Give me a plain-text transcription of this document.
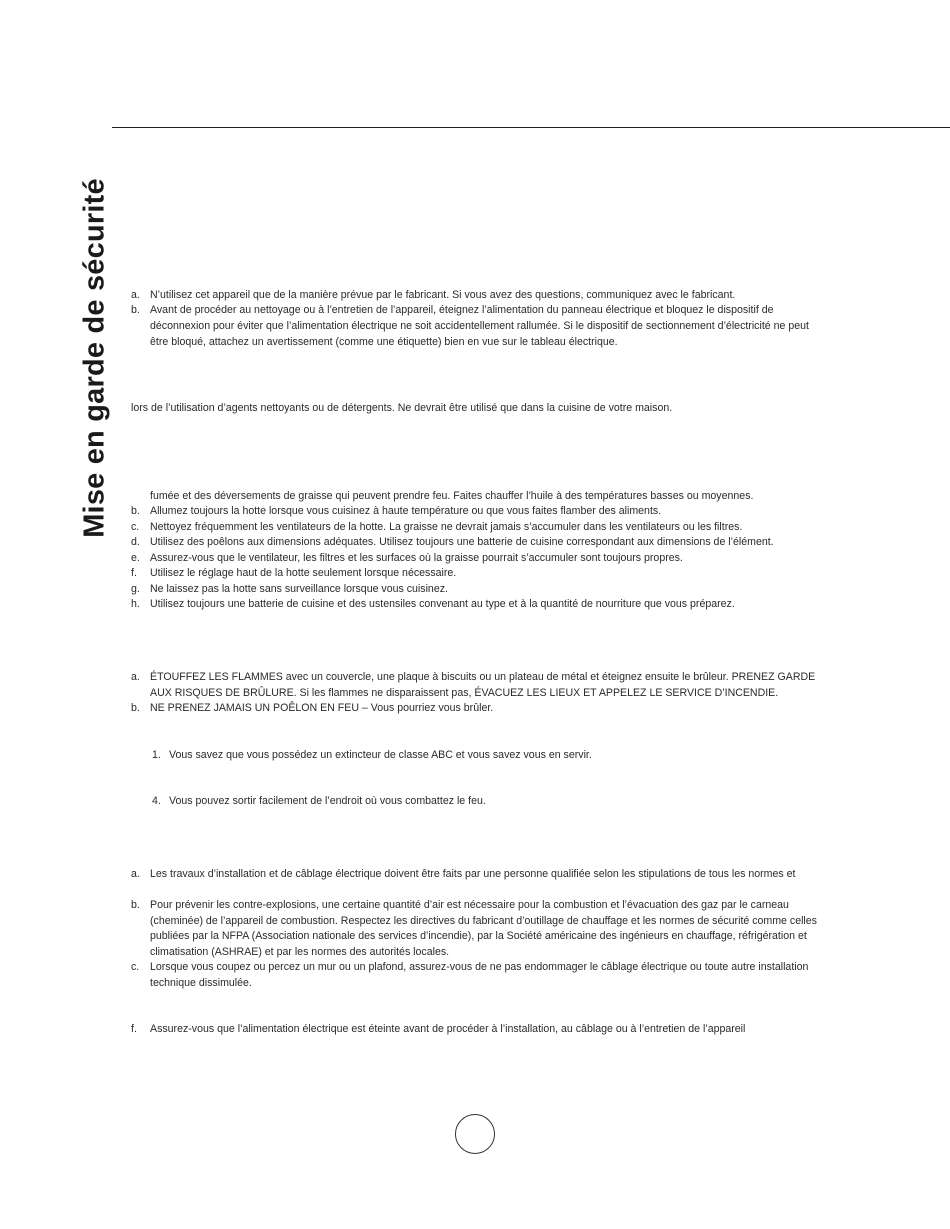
Mise en garde de sécurité a. N’utilisez cet appareil que de la manière prévue par le fabricant. Si vous avez des questions, communiquez avec le fabricant.
b. Avant de procéder au nettoyage ou à l’entretien de l’appareil, éteignez l’alimentation du panneau électrique et bloquez le dispositif de
déconnexion pour éviter que l’alimentation électrique ne soit accidentellement rallumée. Si le dispositif de sectionnement d’électricité ne peut
être bloqué, attachez un avertissement (comme une étiquette) bien en vue sur le tableau électrique.
lors de l’utilisation d’agents nettoyants ou de détergents. Ne devrait être utilisé que dans la cuisine de votre maison.
fumée et des déversements de graisse qui peuvent prendre feu. Faites chauffer l’huile à des températures basses ou moyennes.
b. Allumez toujours la hotte lorsque vous cuisinez à haute température ou que vous faites flamber des aliments.
c. Nettoyez fréquemment les ventilateurs de la hotte. La graisse ne devrait jamais s’accumuler dans les ventilateurs ou les filtres.
d. Utilisez des poêlons aux dimensions adéquates. Utilisez toujours une batterie de cuisine correspondant aux dimensions de l’élément.
e. Assurez-vous que le ventilateur, les filtres et les surfaces où la graisse pourrait s’accumuler sont toujours propres.
f. Utilisez le réglage haut de la hotte seulement lorsque nécessaire.
g. Ne laissez pas la hotte sans surveillance lorsque vous cuisinez.
h. Utilisez toujours une batterie de cuisine et des ustensiles convenant au type et à la quantité de nourriture que vous préparez.
a. ÉTOUFFEZ LES FLAMMES avec un couvercle, une plaque à biscuits ou un plateau de métal et éteignez ensuite le brûleur. PRENEZ GARDE
AUX RISQUES DE BRÛLURE. Si les flammes ne disparaissent pas, ÉVACUEZ LES LIEUX ET APPELEZ LE SERVICE D’INCENDIE.
b. NE PRENEZ JAMAIS UN POÊLON EN FEU – Vous pourriez vous brûler.
1. Vous savez que vous possédez un extincteur de classe ABC et vous savez vous en servir.
4. Vous pouvez sortir facilement de l’endroit où vous combattez le feu.
a. Les travaux d’installation et de câblage électrique doivent être faits par une personne qualifiée selon les stipulations de tous les normes et
b. Pour prévenir les contre-explosions, une certaine quantité d’air est nécessaire pour la combustion et l’évacuation des gaz par le carneau
(cheminée) de l’appareil de combustion. Respectez les directives du fabricant d’outillage de chauffage et les normes de sécurité comme celles
publiées par la NFPA (Association nationale des services d’incendie), par la Société américaine des ingénieurs en chauffage, réfrigération et
climatisation (ASHRAE) et par les normes des autorités locales.
c. Lorsque vous coupez ou percez un mur ou un plafond, assurez-vous de ne pas endommager le câblage électrique ou toute autre installation
technique dissimulée.
f. Assurez-vous que l’alimentation électrique est éteinte avant de procéder à l’installation, au câblage ou à l’entretien de l’appareil
